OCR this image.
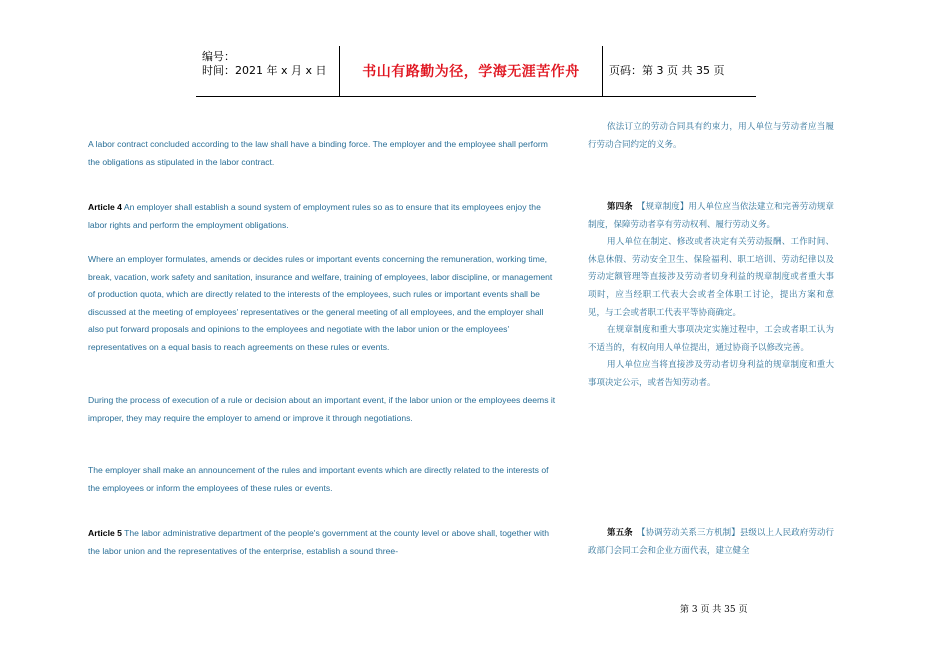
编号：
时间：2021 年 x 月 x 日	书山有路勤为径，学海无涯苦作舟	页码：第 3 页 共 35 页
A labor contract concluded according to the law shall have a binding force. The employer and the employee shall perform the obligations as stipulated in the labor contract.
Article 4 An employer shall establish a sound system of employment rules so as to ensure that its employees enjoy the labor rights and perform the employment obligations.
Where an employer formulates, amends or decides rules or important events concerning the remuneration, working time, break, vacation, work safety and sanitation, insurance and welfare, training of employees, labor discipline, or management of production quota, which are directly related to the interests of the employees, such rules or important events shall be discussed at the meeting of employees' representatives or the general meeting of all employees, and the employer shall also put forward proposals and opinions to the employees and negotiate with the labor union or the employees' representatives on a equal basis to reach agreements on these rules or events.
During the process of execution of a rule or decision about an important event, if the labor union or the employees deems it improper, they may require the employer to amend or improve it through negotiations.
The employer shall make an announcement of the rules and important events which are directly related to the interests of the employees or inform the employees of these rules or events.
Article 5 The labor administrative department of the people's government at the county level or above shall, together with the labor union and the representatives of the enterprise, establish a sound three-

依法订立的劳动合同具有约束力，用人单位与劳动者应当履行劳动合同约定的义务。

第四条　【规章制度】用人单位应当依法建立和完善劳动规章制度，保障劳动者享有劳动权利、履行劳动义务。

用人单位在制定、修改或者决定有关劳动报酬、工作时间、休息休假、劳动安全卫生、保险福利、职工培训、劳动纪律以及劳动定额管理等直接涉及劳动者切身利益的规章制度或者重大事项时，应当经职工代表大会或者全体职工讨论，提出方案和意见，与工会或者职工代表平等协商确定。

在规章制度和重大事项决定实施过程中，工会或者职工认为不适当的，有权向用人单位提出，通过协商予以修改完善。

用人单位应当将直接涉及劳动者切身利益的规章制度和重大事项决定公示，或者告知劳动者。

第五条　【协调劳动关系三方机制】县级以上人民政府劳动行政部门会同工会和企业方面代表，建立健全

第 3 页 共 35 页
